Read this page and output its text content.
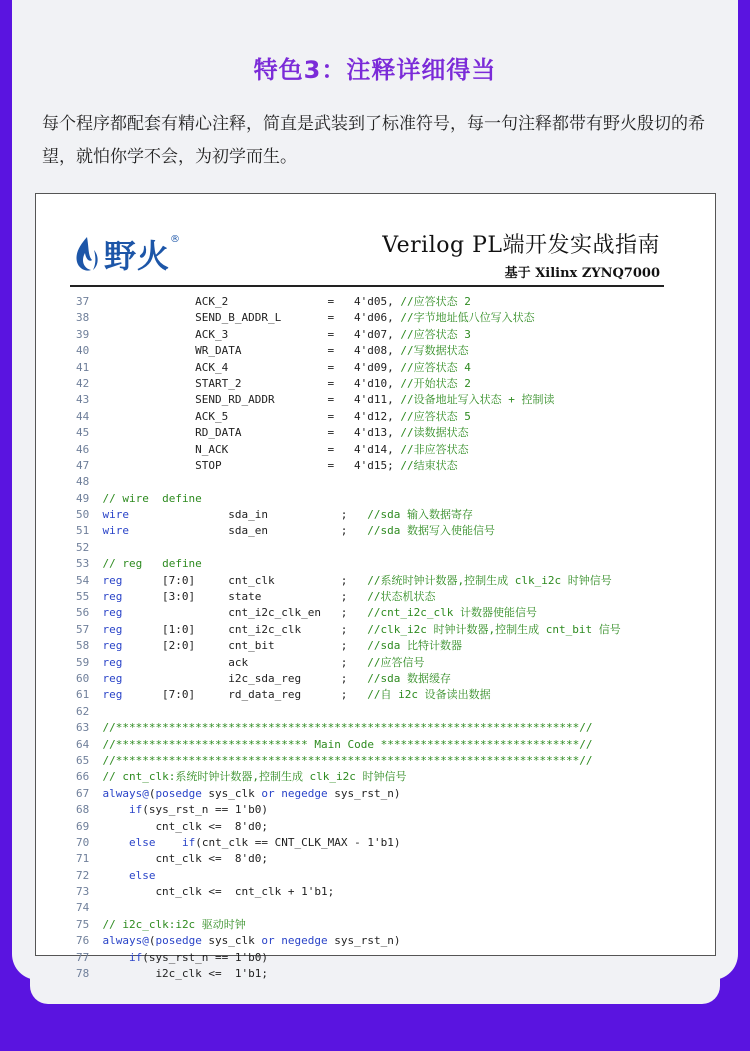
特色3：注释详细得当
每个程序都配套有精心注释，简直是武装到了标准符号，每一句注释都带有野火殷切的希望，就怕你学不会，为初学而生。
野火 ®	Verilog PL端开发实战指南
基于 Xilinx ZYNQ7000
37	ACK_2	= 4'd05, //应答状态 2
38	SEND_B_ADDR_L	= 4'd06, //字节地址低八位写入状态
39	ACK_3	= 4'd07, //应答状态 3
40	WR_DATA	= 4'd08, //写数据状态
41	ACK_4	= 4'd09, //应答状态 4
42	START_2	= 4'd10, //开始状态 2
43	SEND_RD_ADDR	= 4'd11, //设备地址写入状态 + 控制读
44	ACK_5	= 4'd12, //应答状态 5
45	RD_DATA	= 4'd13, //读数据状态
46	N_ACK	= 4'd14, //非应答状态
47	STOP	= 4'd15; //结束状态
48
49 // wire  define
50 wire	sda_in	; //sda 输入数据寄存
51 wire	sda_en	; //sda 数据写入使能信号
52
53 // reg   define
54 reg	[7:0]	cnt_clk	; //系统时钟计数器,控制生成 clk_i2c 时钟信号
55 reg	[3:0]	state	; //状态机状态
56 reg	cnt_i2c_clk_en ; //cnt_i2c_clk 计数器使能信号
57 reg	[1:0]	cnt_i2c_clk	; //clk_i2c 时钟计数器,控制生成 cnt_bit 信号
58 reg	[2:0]	cnt_bit	; //sda 比特计数器
59 reg	ack	; //应答信号
60 reg	i2c_sda_reg	; //sda 数据缓存
61 reg	[7:0]	rd_data_reg	; //自 i2c 设备读出数据
62
63 //**********************************************************************//
64 //***************************** Main Code ******************************//
65 //**********************************************************************//
66 // cnt_clk:系统时钟计数器,控制生成 clk_i2c 时钟信号
67 always@(posedge sys_clk or negedge sys_rst_n)
68	if(sys_rst_n == 1'b0)
69	cnt_clk <=  8'd0;
70	else if(cnt_clk == CNT_CLK_MAX - 1'b1)
71	cnt_clk <=  8'd0;
72	else
73	cnt_clk <=  cnt_clk + 1'b1;
74
75 // i2c_clk:i2c 驱动时钟
76 always@(posedge sys_clk or negedge sys_rst_n)
77	if(sys_rst_n == 1'b0)
78	i2c_clk <=  1'b1;
